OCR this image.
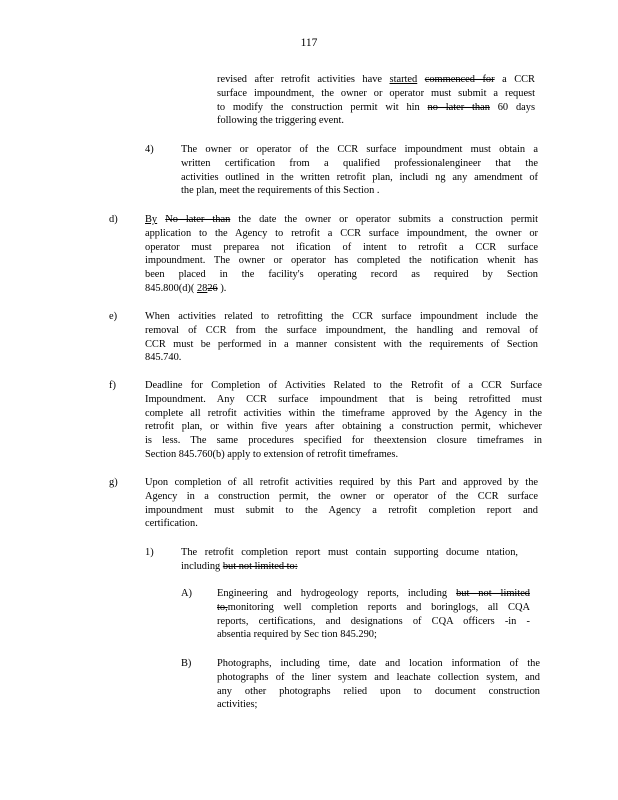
117
revised after retrofit activities have started commenced for a CCR
surface impoundment, the owner or operator must submit a request
to modify the construction permit wit hin no later than 60 days
following the triggering event.
4)	The owner or operator of the CCR surface impoundment must obtain a
written certification from a qualified professionalengineer that the
activities outlined in the written retrofit plan, includi ng any amendment of
the plan, meet the requirements of this Section .
d)	By No later than the date the owner or operator submits a construction permit
application to the Agency to retrofit a CCR surface impoundment, the owner or
operator must preparea not ification of intent to retrofit a CCR surface
impoundment. The owner or operator has completed the notification whenit has
been placed in the facility's operating record as required by Section
845.800(d)( 2826 ).
e)	When activities related to retrofitting the CCR surface impoundment include the
removal of CCR from the surface impoundment, the handling and removal of
CCR must be performed in a manner consistent with the requirements of Section
845.740.
f)	Deadline for Completion of Activities Related to the Retrofit of a CCR Surface
Impoundment. Any CCR surface impoundment that is being retrofitted must
complete all retrofit activities within the timeframe approved by the Agency in the
retrofit plan, or within five years after obtaining a construction permit, whichever
is less. The same procedures specified for theextension closure timeframes in
Section 845.760(b) apply to extension of retrofit timeframes.
g)	Upon completion of all retrofit activities required by this Part and approved by the
Agency in a construction permit, the owner or operator of the CCR surface
impoundment must submit to the Agency a retrofit completion report and
certification.
1)	The retrofit completion report must contain supporting docume ntation,
including but not limited to:
A) Engineering and hydrogeology reports, including but not limited
to,monitoring well completion reports and boringlogs, all CQA
reports, certifications, and designations of CQA officers -in -
absentia required by Sec tion 845.290;
B) Photographs, including time, date and location information of the
photographs of the liner system and leachate collection system, and
any other photographs relied upon to document construction
activities;
